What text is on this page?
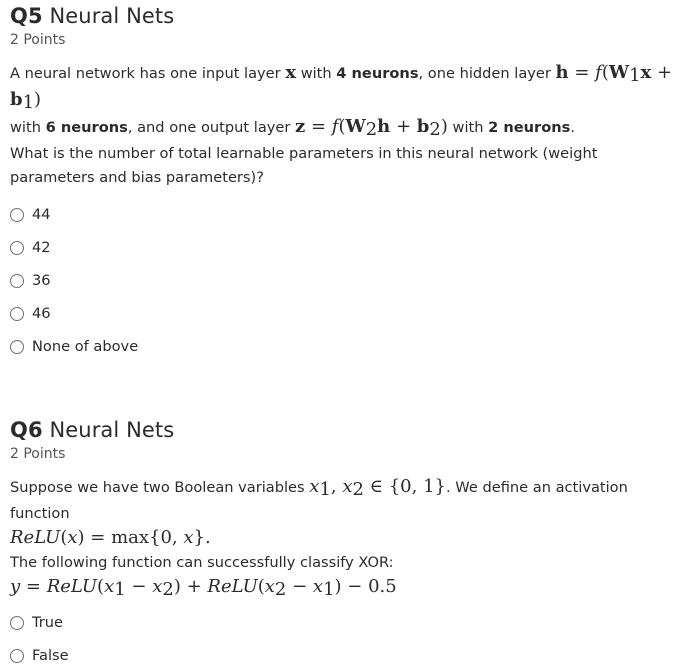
Q5 Neural Nets
2 Points
A neural network has one input layer x with 4 neurons, one hidden layer $h = f(W_1x + b_1)$
with 6 neurons, and one output layer $z = f(W_2h + b_2)$ with 2 neurons.
What is the number of total learnable parameters in this neural network (weight parameters and bias parameters)?
44
42
36
46
None of above
Q6 Neural Nets
2 Points
Suppose we have two Boolean variables $x_1$, $x_2$ ∈ {0, 1}. We define an activation function
ReLU(x) = max{0, x}.
The following function can successfully classify XOR:
$y = ReLU(x_1 - x_2)$ + $ReLU(x_2 - x_1) - 0.5$
True
False
